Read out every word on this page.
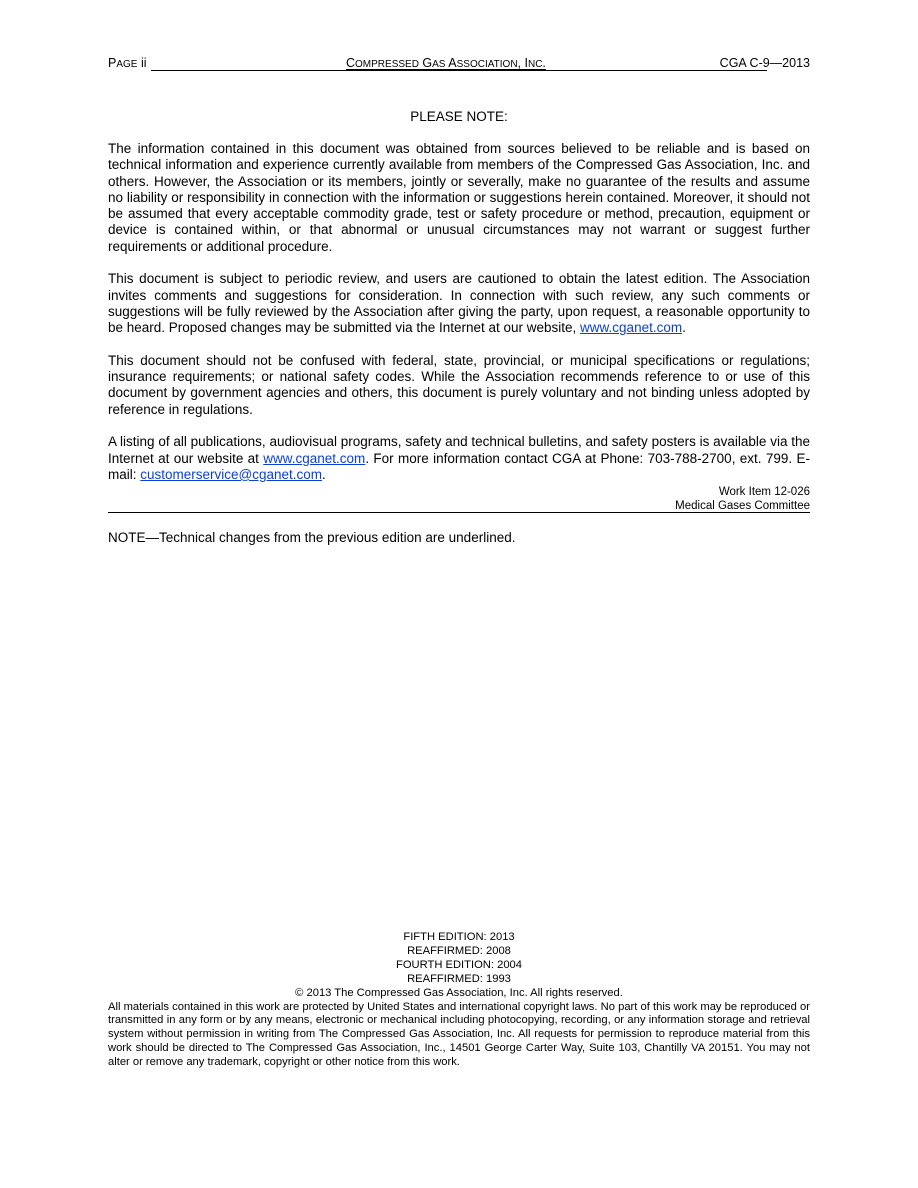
PAGE ii	COMPRESSED GAS ASSOCIATION, INC.	CGA C-9—2013
PLEASE NOTE:

The information contained in this document was obtained from sources believed to be reliable and is based on technical information and experience currently available from members of the Compressed Gas Association, Inc. and others. However, the Association or its members, jointly or severally, make no guarantee of the results and assume no liability or responsibility in connection with the information or suggestions herein contained. Moreover, it should not be assumed that every acceptable commodity grade, test or safety procedure or method, precaution, equipment or device is contained within, or that abnormal or unusual circumstances may not warrant or suggest further requirements or additional procedure.

This document is subject to periodic review, and users are cautioned to obtain the latest edition. The Association invites comments and suggestions for consideration. In connection with such review, any such comments or suggestions will be fully reviewed by the Association after giving the party, upon request, a reasonable opportunity to be heard. Proposed changes may be submitted via the Internet at our website, www.cganet.com.

This document should not be confused with federal, state, provincial, or municipal specifications or regulations; insurance requirements; or national safety codes. While the Association recommends reference to or use of this document by government agencies and others, this document is purely voluntary and not binding unless adopted by reference in regulations.

A listing of all publications, audiovisual programs, safety and technical bulletins, and safety posters is available via the Internet at our website at www.cganet.com. For more information contact CGA at Phone: 703-788-2700, ext. 799. E-mail: customerservice@cganet.com.

Work Item 12-026
Medical Gases Committee
NOTE—Technical changes from the previous edition are underlined.
FIFTH EDITION: 2013
REAFFIRMED: 2008
FOURTH EDITION: 2004
REAFFIRMED: 1993
© 2013 The Compressed Gas Association, Inc. All rights reserved.
All materials contained in this work are protected by United States and international copyright laws. No part of this work may be reproduced or transmitted in any form or by any means, electronic or mechanical including photocopying, recording, or any information storage and retrieval system without permission in writing from The Compressed Gas Association, Inc. All requests for permission to reproduce material from this work should be directed to The Compressed Gas Association, Inc., 14501 George Carter Way, Suite 103, Chantilly VA 20151. You may not alter or remove any trademark, copyright or other notice from this work.
